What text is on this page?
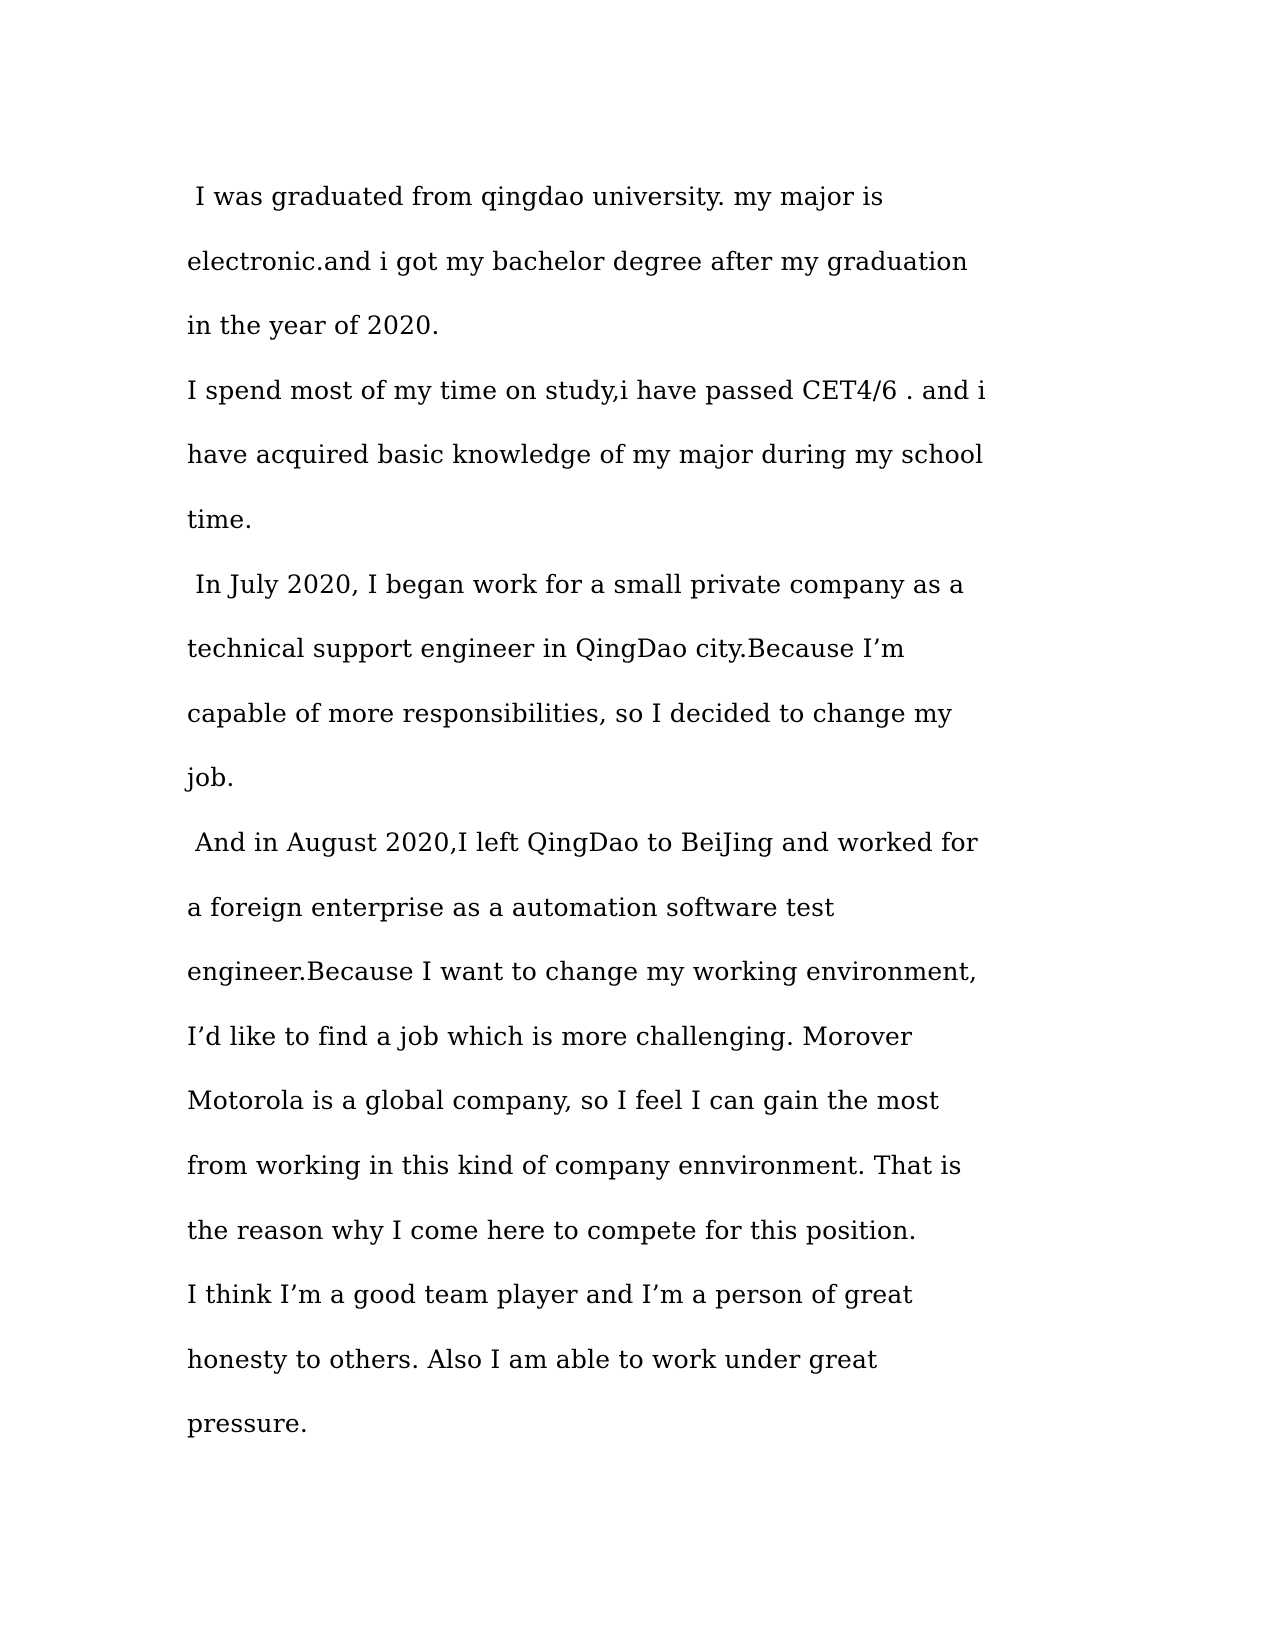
I was graduated from qingdao university. my major is
electronic.and i got my bachelor degree after my graduation
in the year of 2020.
I spend most of my time on study,i have passed CET4/6 . and i
have acquired basic knowledge of my major during my school
time.
In July 2020, I began work for a small private company as a
technical support engineer in QingDao city.Because I’m
capable of more responsibilities, so I decided to change my
job.
And in August 2020,I left QingDao to BeiJing and worked for
a foreign enterprise as a automation software test
engineer.Because I want to change my working environment,
I’d like to find a job which is more challenging. Morover
Motorola is a global company, so I feel I can gain the most
from working in this kind of company ennvironment. That is
the reason why I come here to compete for this position.
I think I’m a good team player and I’m a person of great
honesty to others. Also I am able to work under great
pressure.
